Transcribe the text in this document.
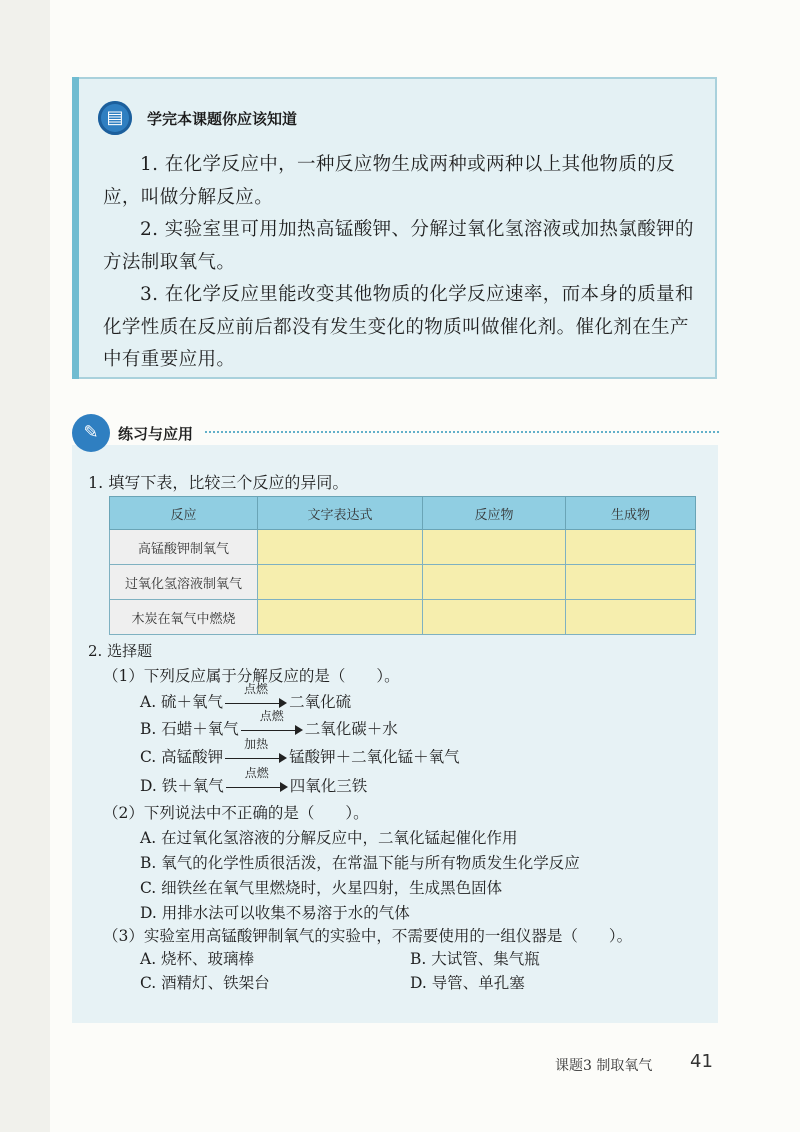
▤	学完本课题你应该知道

1. 在化学反应中，一种反应物生成两种或两种以上其他物质的反应，叫做分解反应。

2. 实验室里可用加热高锰酸钾、分解过氧化氢溶液或加热氯酸钾的方法制取氧气。

3. 在化学反应里能改变其他物质的化学反应速率，而本身的质量和化学性质在反应前后都没有发生变化的物质叫做催化剂。催化剂在生产中有重要应用。

✎	练习与应用
1. 填写下表，比较三个反应的异同。
反应	文字表达式	反应物	生成物
高锰酸钾制氧气			
过氧化氢溶液制氧气			
木炭在氧气中燃烧			
2. 选择题
（1）下列反应属于分解反应的是（　　）。
A. 硫＋氧气
点燃
二氧化硫
B. 石蜡＋氧气
点燃
二氧化碳＋水
C. 高锰酸钾
加热
锰酸钾＋二氧化锰＋氧气
D. 铁＋氧气
点燃
四氧化三铁
（2）下列说法中不正确的是（　　）。
A. 在过氧化氢溶液的分解反应中，二氧化锰起催化作用
B. 氧气的化学性质很活泼，在常温下能与所有物质发生化学反应
C. 细铁丝在氧气里燃烧时，火星四射，生成黑色固体
D. 用排水法可以收集不易溶于水的气体
（3）实验室用高锰酸钾制氧气的实验中，不需要使用的一组仪器是（　　）。
A. 烧杯、玻璃棒	B. 大试管、集气瓶
C. 酒精灯、铁架台	D. 导管、单孔塞
课题3 制取氧气 41
